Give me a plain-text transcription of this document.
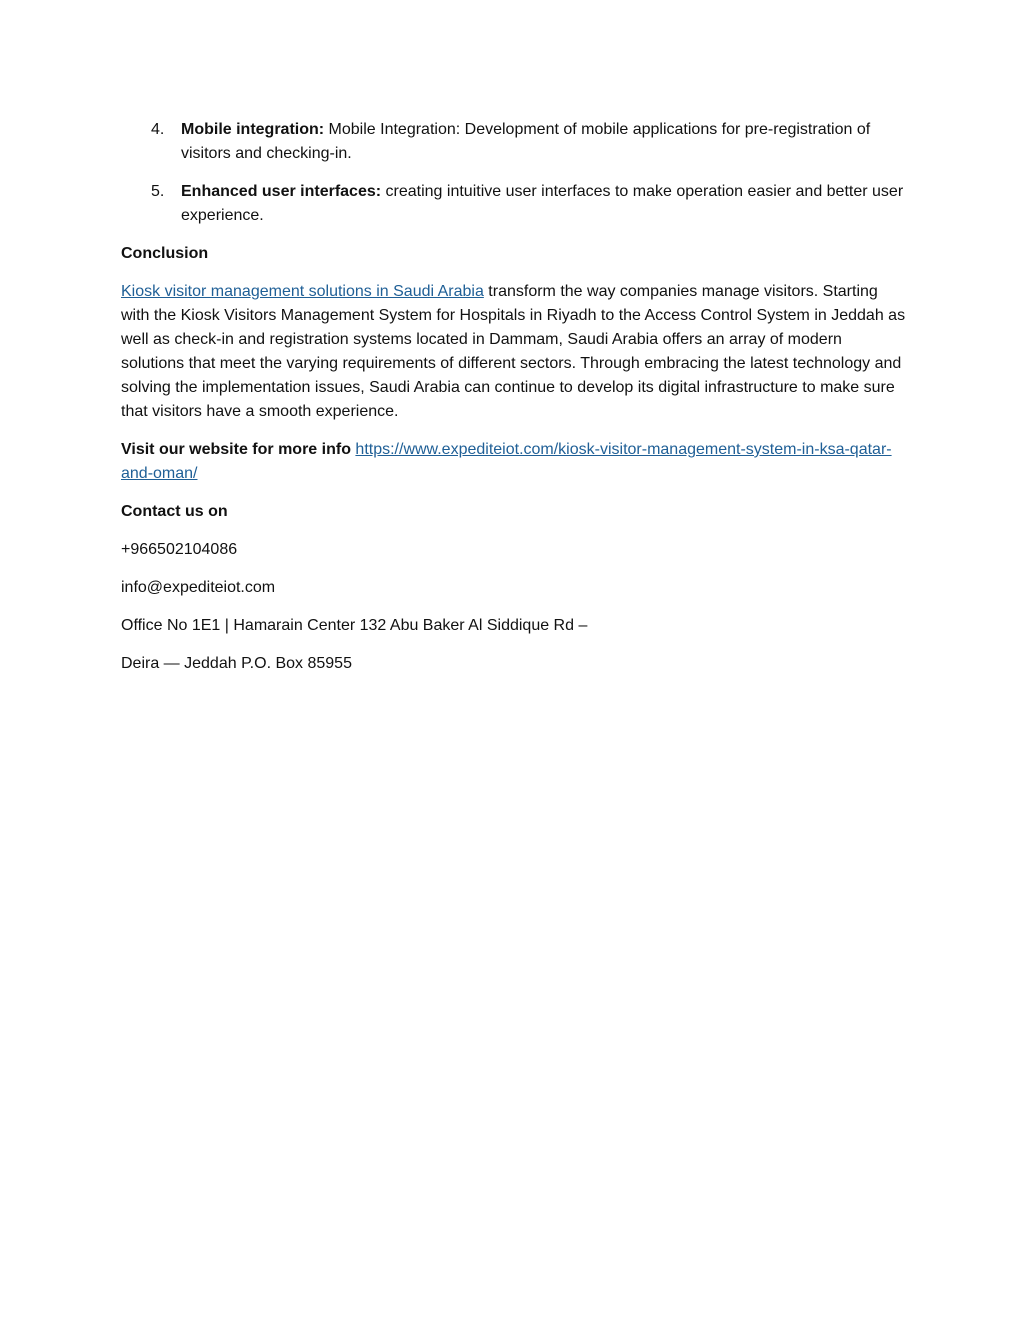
4. Mobile integration: Mobile Integration: Development of mobile applications for pre-registration of visitors and checking-in.
5. Enhanced user interfaces: creating intuitive user interfaces to make operation easier and better user experience.

Conclusion

Kiosk visitor management solutions in Saudi Arabia transform the way companies manage visitors. Starting with the Kiosk Visitors Management System for Hospitals in Riyadh to the Access Control System in Jeddah as well as check-in and registration systems located in Dammam, Saudi Arabia offers an array of modern solutions that meet the varying requirements of different sectors. Through embracing the latest technology and solving the implementation issues, Saudi Arabia can continue to develop its digital infrastructure to make sure that visitors have a smooth experience.

Visit our website for more info https://www.expediteiot.com/kiosk-visitor-management-system-in-ksa-qatar-and-oman/

Contact us on

+966502104086

info@expediteiot.com

Office No 1E1 | Hamarain Center 132 Abu Baker Al Siddique Rd –

Deira — Jeddah P.O. Box 85955
